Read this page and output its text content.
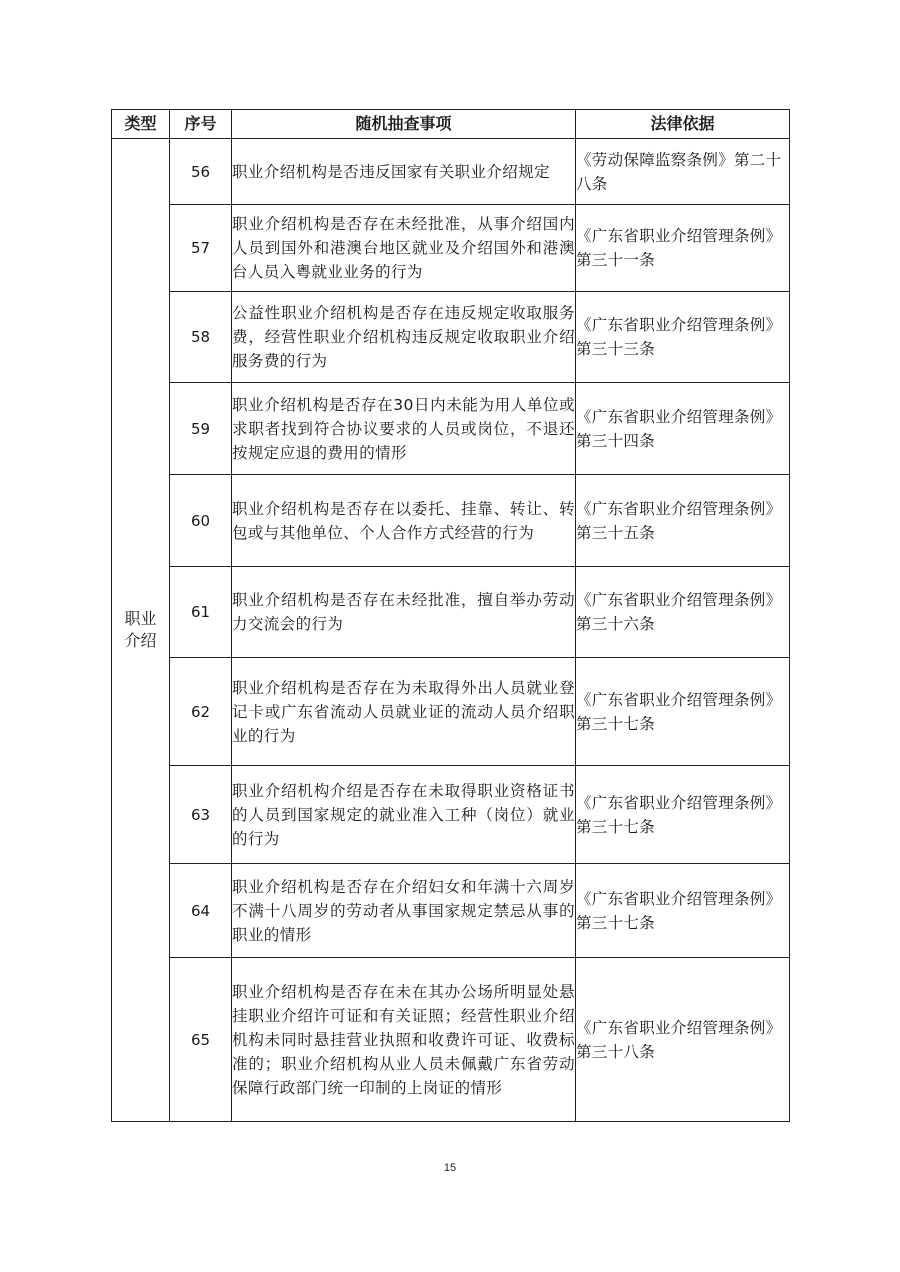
类型	序号	随机抽查事项	法律依据
职业
介绍	56	职业介绍机构是否违反国家有关职业介绍规定	《劳动保障监察条例》第二十八条
	57	职业介绍机构是否存在未经批准，从事介绍国内人员到国外和港澳台地区就业及介绍国外和港澳台人员入粤就业业务的行为	《广东省职业介绍管理条例》第三十一条
	58	公益性职业介绍机构是否存在违反规定收取服务费，经营性职业介绍机构违反规定收取职业介绍服务费的行为	《广东省职业介绍管理条例》第三十三条
	59	职业介绍机构是否存在30日内未能为用人单位或求职者找到符合协议要求的人员或岗位，不退还按规定应退的费用的情形	《广东省职业介绍管理条例》第三十四条
	60	职业介绍机构是否存在以委托、挂靠、转让、转包或与其他单位、个人合作方式经营的行为	《广东省职业介绍管理条例》第三十五条
	61	职业介绍机构是否存在未经批准，擅自举办劳动力交流会的行为	《广东省职业介绍管理条例》第三十六条
	62	职业介绍机构是否存在为未取得外出人员就业登记卡或广东省流动人员就业证的流动人员介绍职业的行为	《广东省职业介绍管理条例》第三十七条
	63	职业介绍机构介绍是否存在未取得职业资格证书的人员到国家规定的就业准入工种（岗位）就业的行为	《广东省职业介绍管理条例》第三十七条
	64	职业介绍机构是否存在介绍妇女和年满十六周岁不满十八周岁的劳动者从事国家规定禁忌从事的职业的情形	《广东省职业介绍管理条例》第三十七条
	65	职业介绍机构是否存在未在其办公场所明显处悬挂职业介绍许可证和有关证照；经营性职业介绍机构未同时悬挂营业执照和收费许可证、收费标准的；职业介绍机构从业人员未佩戴广东省劳动保障行政部门统一印制的上岗证的情形	《广东省职业介绍管理条例》第三十八条
15
